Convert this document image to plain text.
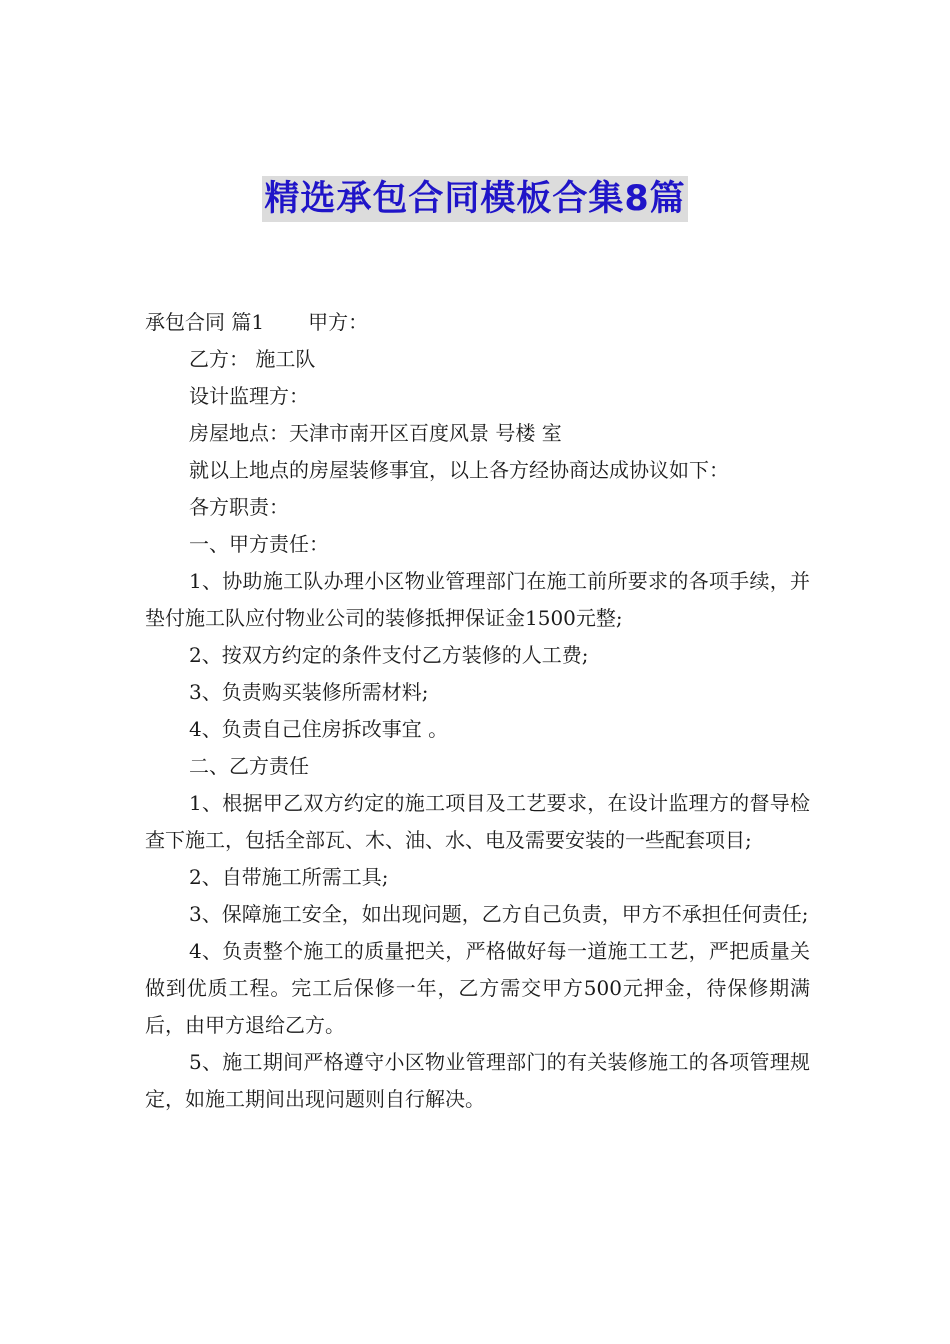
精选承包合同模板合集8篇

承包合同 篇1 甲方：

乙方： 施工队

设计监理方：

房屋地点：天津市南开区百度风景 号楼 室

就以上地点的房屋装修事宜，以上各方经协商达成协议如下：

各方职责：

一、甲方责任：

1、协助施工队办理小区物业管理部门在施工前所要求的各项手续，并垫付施工队应付物业公司的装修抵押保证金1500元整;

2、按双方约定的条件支付乙方装修的人工费;

3、负责购买装修所需材料;

4、负责自己住房拆改事宜 。

二、乙方责任

1、根据甲乙双方约定的施工项目及工艺要求，在设计监理方的督导检查下施工，包括全部瓦、木、油、水、电及需要安装的一些配套项目;

2、自带施工所需工具;

3、保障施工安全，如出现问题，乙方自己负责，甲方不承担任何责任;

4、负责整个施工的质量把关，严格做好每一道施工工艺，严把质量关做到优质工程。完工后保修一年，乙方需交甲方500元押金，待保修期满后，由甲方退给乙方。

5、施工期间严格遵守小区物业管理部门的有关装修施工的各项管理规定，如施工期间出现问题则自行解决。
